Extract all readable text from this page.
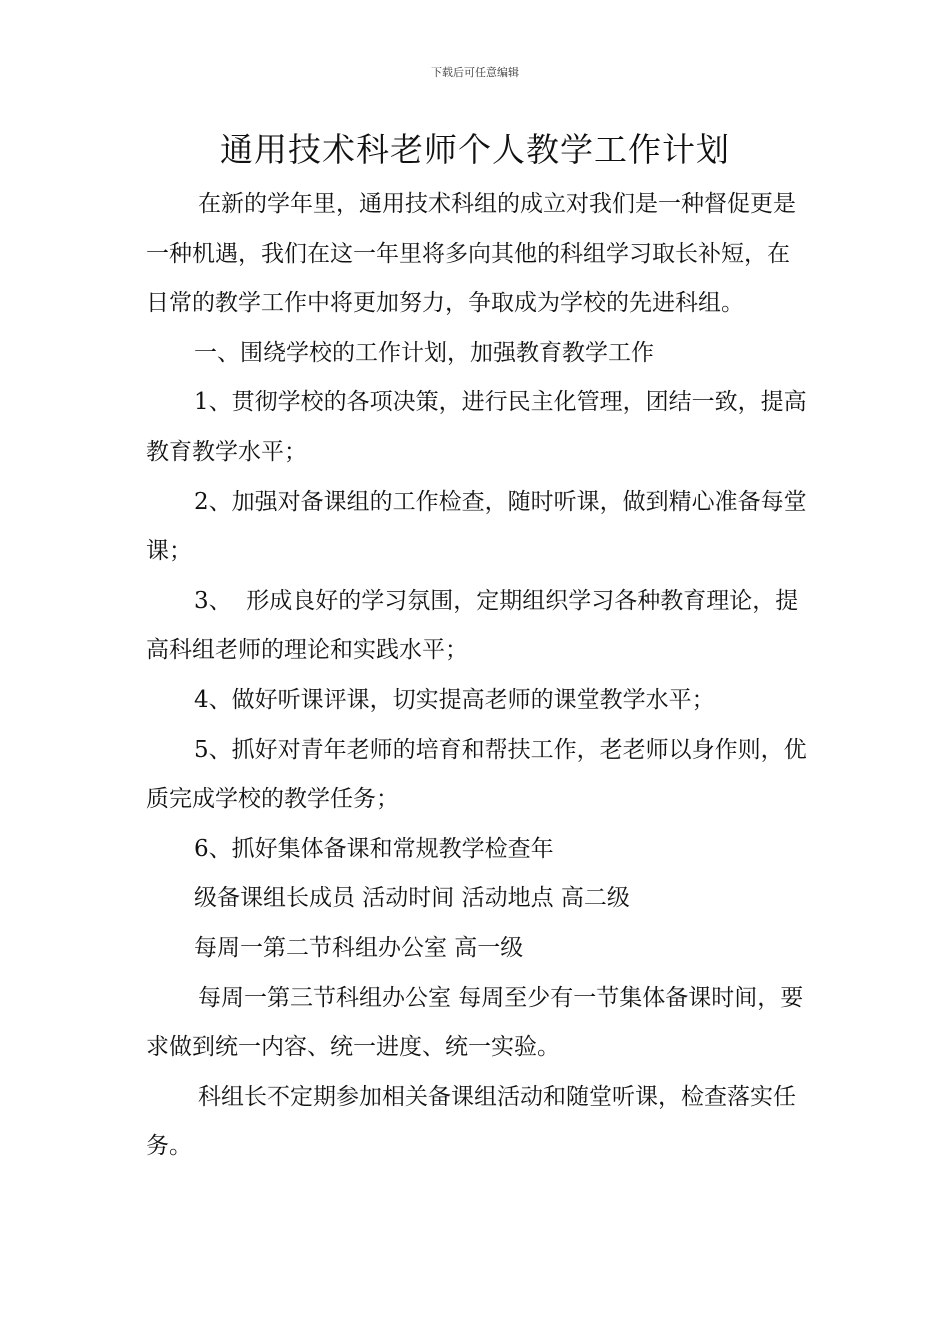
下载后可任意编辑
通用技术科老师个人教学工作计划

在新的学年里，通用技术科组的成立对我们是一种督促更是一种机遇，我们在这一年里将多向其他的科组学习取长补短，在日常的教学工作中将更加努力，争取成为学校的先进科组。

一、围绕学校的工作计划，加强教育教学工作

1、贯彻学校的各项决策，进行民主化管理，团结一致，提高教育教学水平；

2、加强对备课组的工作检查，随时听课，做到精心准备每堂课；

3、  形成良好的学习氛围，定期组织学习各种教育理论，提高科组老师的理论和实践水平；

4、做好听课评课，切实提高老师的课堂教学水平；

5、抓好对青年老师的培育和帮扶工作，老老师以身作则，优质完成学校的教学任务；

6、抓好集体备课和常规教学检查年

级备课组长成员 活动时间 活动地点 高二级

每周一第二节科组办公室 高一级

每周一第三节科组办公室 每周至少有一节集体备课时间，要求做到统一内容、统一进度、统一实验。

科组长不定期参加相关备课组活动和随堂听课，检查落实任务。
